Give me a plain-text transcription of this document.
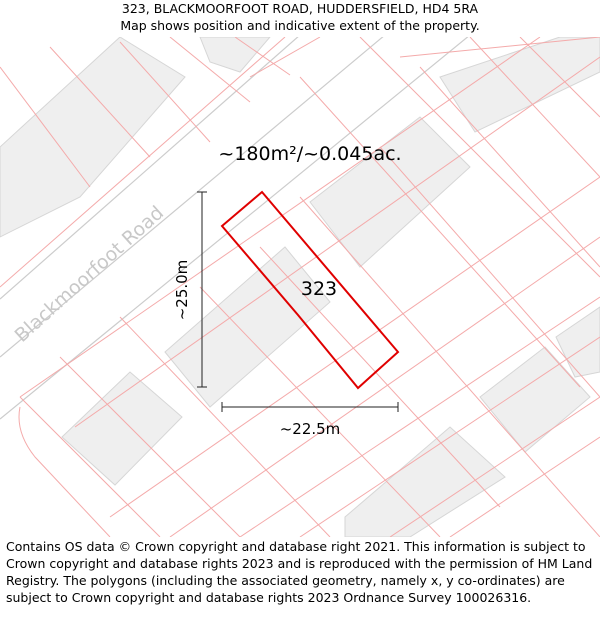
323, BLACKMOORFOOT ROAD, HUDDERSFIELD, HD4 5RA
Map shows position and indicative extent of the property.
Blackmoorfoot Road
~180m²/~0.045ac.
323
~25.0m
~22.5m
Contains OS data © Crown copyright and database right 2021. This information is subject to Crown copyright and database rights 2023 and is reproduced with the permission of HM Land Registry. The polygons (including the associated geometry, namely x, y co-ordinates) are subject to Crown copyright and database rights 2023 Ordnance Survey 100026316.
